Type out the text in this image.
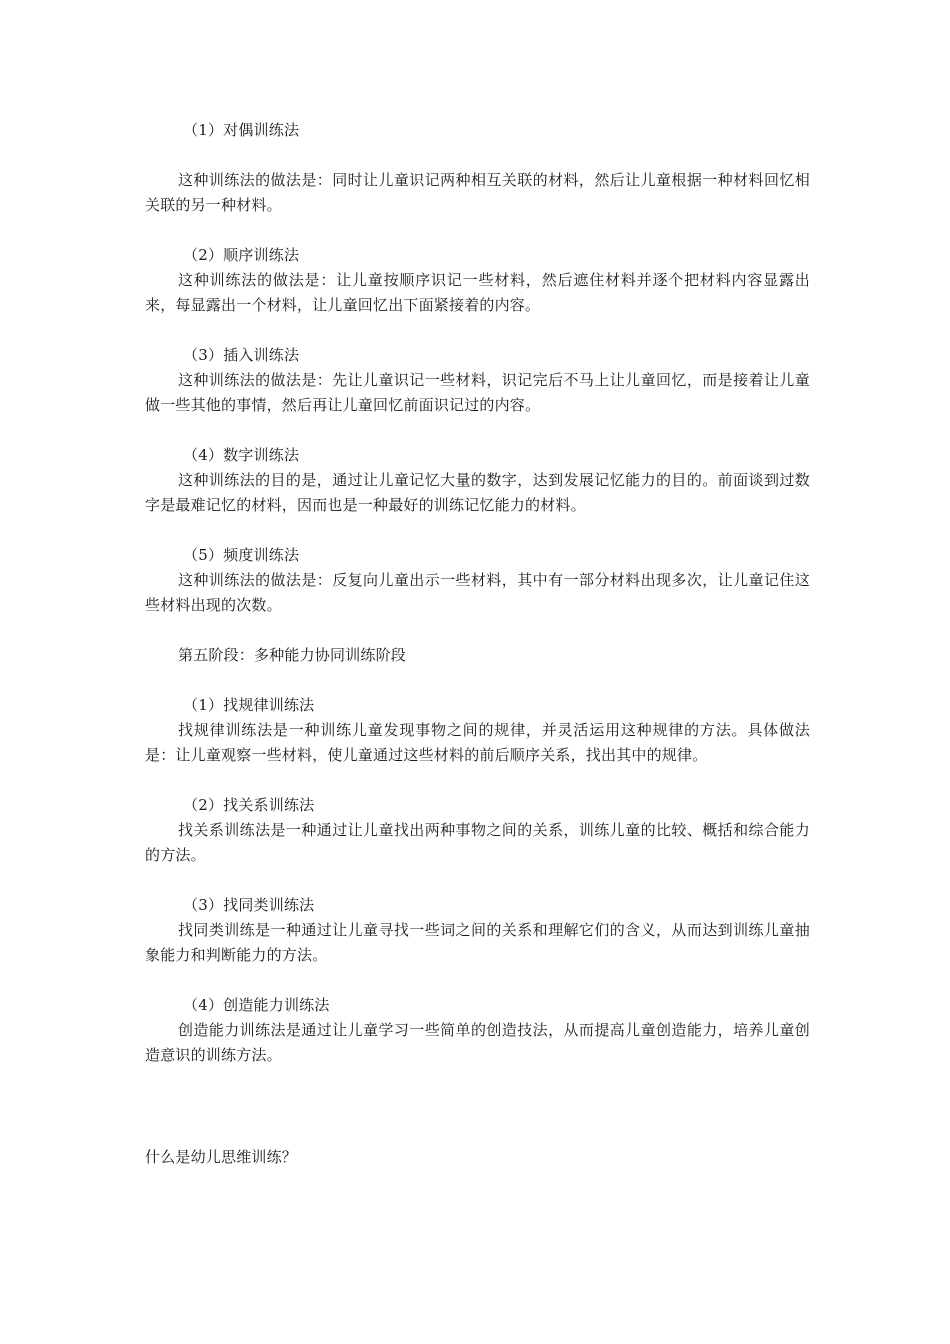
（1）对偶训练法

这种训练法的做法是：同时让儿童识记两种相互关联的材料，然后让儿童根据一种材料回忆相关联的另一种材料。

（2）顺序训练法

这种训练法的做法是：让儿童按顺序识记一些材料，然后遮住材料并逐个把材料内容显露出来，每显露出一个材料，让儿童回忆出下面紧接着的内容。

（3）插入训练法

这种训练法的做法是：先让儿童识记一些材料，识记完后不马上让儿童回忆，而是接着让儿童做一些其他的事情，然后再让儿童回忆前面识记过的内容。

（4）数字训练法

这种训练法的目的是，通过让儿童记忆大量的数字，达到发展记忆能力的目的。前面谈到过数字是最难记忆的材料，因而也是一种最好的训练记忆能力的材料。

（5）频度训练法

这种训练法的做法是：反复向儿童出示一些材料，其中有一部分材料出现多次，让儿童记住这些材料出现的次数。

第五阶段：多种能力协同训练阶段

（1）找规律训练法

找规律训练法是一种训练儿童发现事物之间的规律，并灵活运用这种规律的方法。具体做法是：让儿童观察一些材料，使儿童通过这些材料的前后顺序关系，找出其中的规律。

（2）找关系训练法

找关系训练法是一种通过让儿童找出两种事物之间的关系，训练儿童的比较、概括和综合能力的方法。

（3）找同类训练法

找同类训练是一种通过让儿童寻找一些词之间的关系和理解它们的含义，从而达到训练儿童抽象能力和判断能力的方法。

（4）创造能力训练法

创造能力训练法是通过让儿童学习一些简单的创造技法，从而提高儿童创造能力，培养儿童创造意识的训练方法。

什么是幼儿思维训练？
